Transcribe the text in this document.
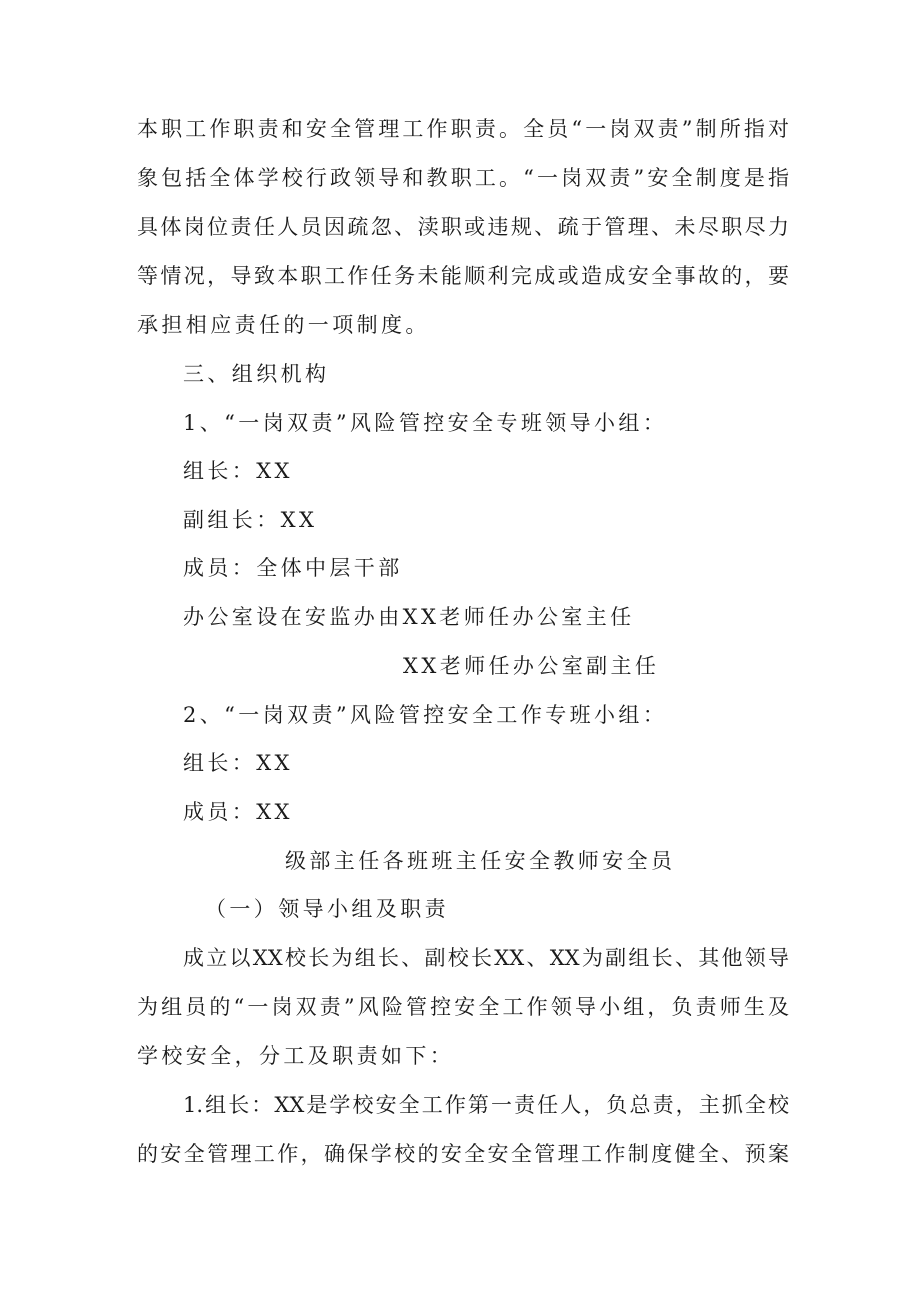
本职工作职责和安全管理工作职责。全员“一岗双责”制所指对
象包括全体学校行政领导和教职工。“一岗双责”安全制度是指
具体岗位责任人员因疏忽、渎职或违规、疏于管理、未尽职尽力
等情况，导致本职工作任务未能顺利完成或造成安全事故的，要
承担相应责任的一项制度。
三、组织机构
1、“一岗双责”风险管控安全专班领导小组：
组长：XX
副组长：XX
成员：全体中层干部
办公室设在安监办由XX老师任办公室主任
XX老师任办公室副主任
2、“一岗双责”风险管控安全工作专班小组：
组长：XX
成员：XX
级部主任各班班主任安全教师安全员
（一）领导小组及职责
成立以XX校长为组长、副校长XX、XX为副组长、其他领导
为组员的“一岗双责”风险管控安全工作领导小组，负责师生及
学校安全，分工及职责如下：
1.组长：XX是学校安全工作第一责任人，负总责，主抓全校
的安全管理工作，确保学校的安全安全管理工作制度健全、预案
